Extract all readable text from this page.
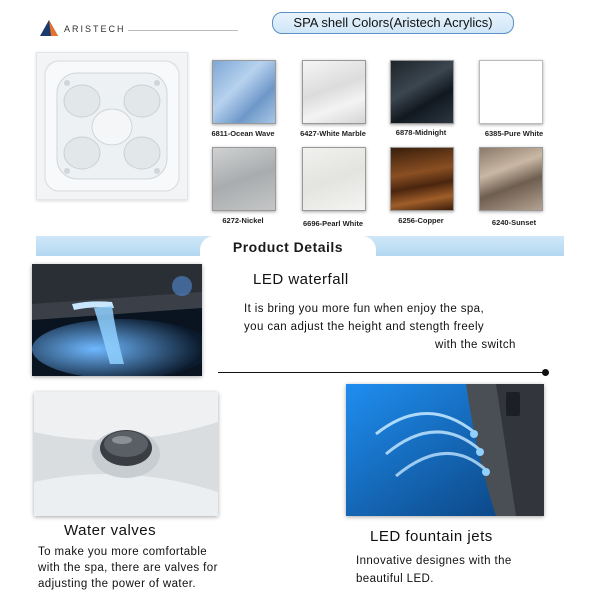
ARISTECH	SPA shell Colors(Aristech Acrylics)
6811-Ocean Wave	6427-White Marble	6878-Midnight	6385-Pure White
6272-Nickel	6696-Pearl White	6256-Copper	6240-Sunset
Product Details
LED waterfall
It is bring you more fun when enjoy the spa,
you can adjust the height and stength freely
with the switch
Water valves
To make you more comfortable
with the spa, there are valves for
adjusting the power of water.
LED fountain jets
Innovative designes with the
beautiful LED.
